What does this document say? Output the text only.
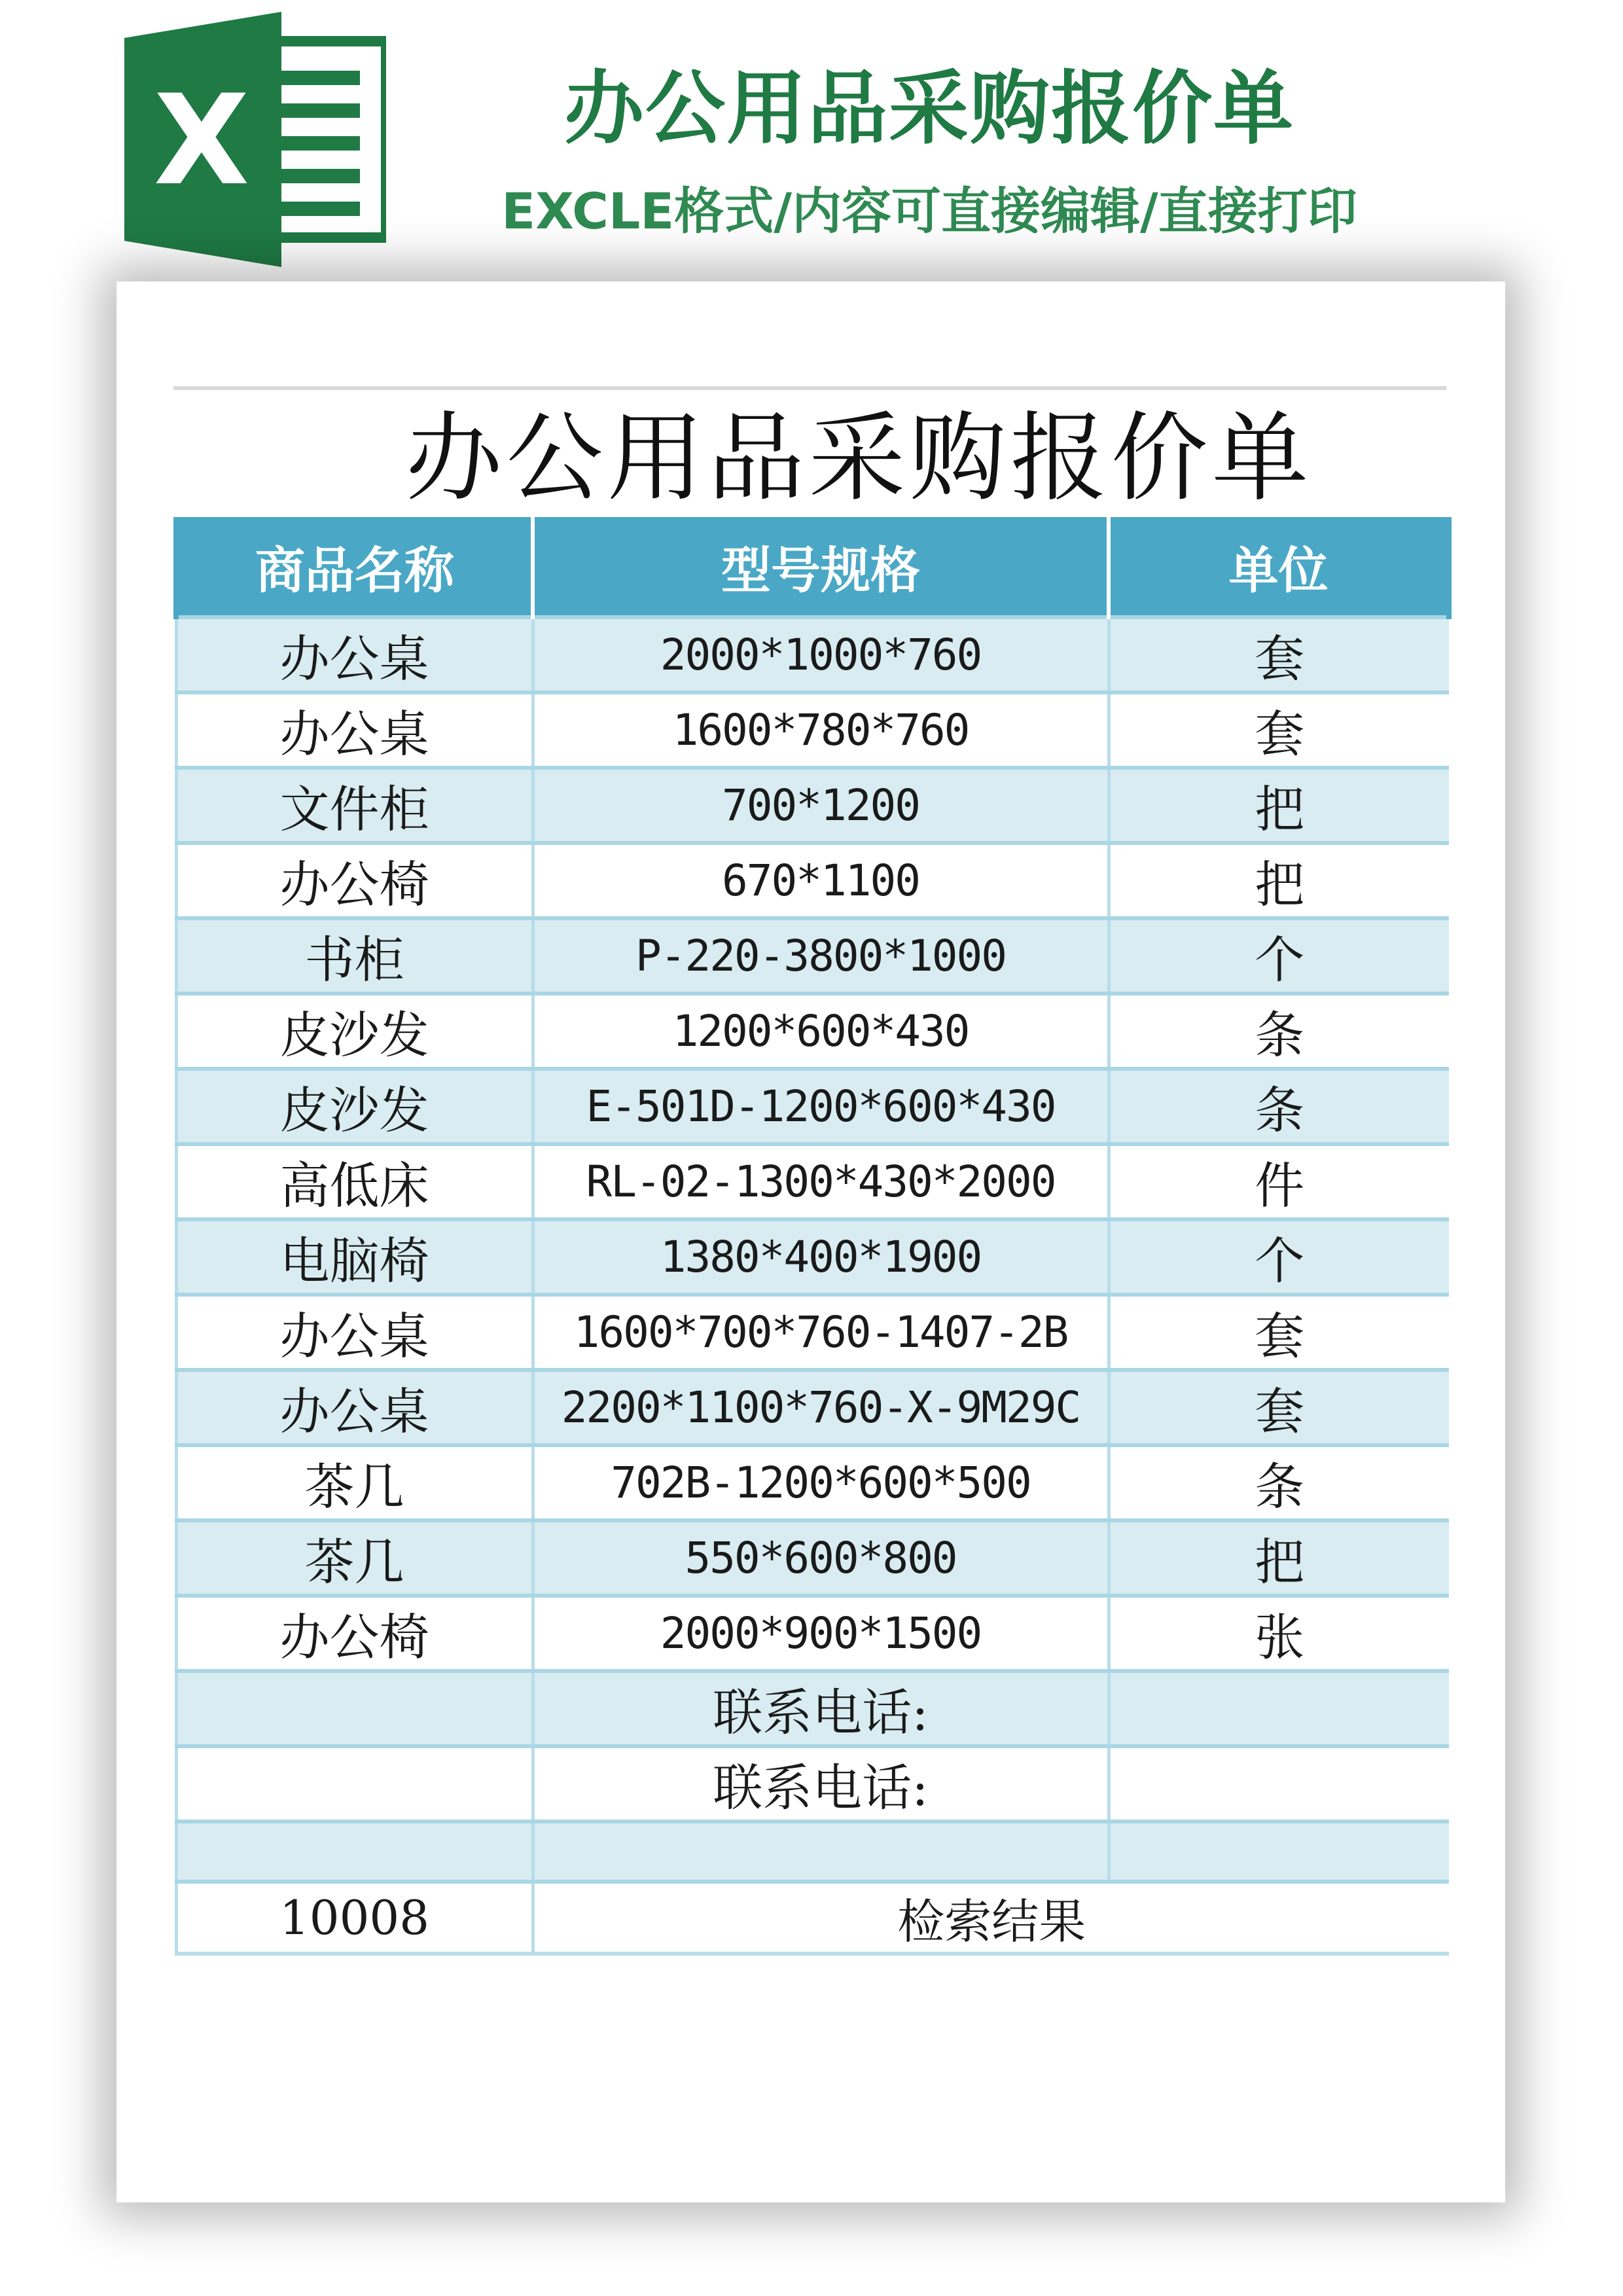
X	办公用品采购报价单
EXCLE格式/内容可直接编辑/直接打印
办公用品采购报价单
商品名称	型号规格	单位
办公桌	2000*1000*760	套
办公桌	1600*780*760	套
文件柜	700*1200	把
办公椅	670*1100	把
书柜	P-220-3800*1000	个
皮沙发	1200*600*430	条
皮沙发	E-501D-1200*600*430	条
高低床	RL-02-1300*430*2000	件
电脑椅	1380*400*1900	个
办公桌	1600*700*760-1407-2B	套
办公桌	2200*1100*760-X-9M29C	套
茶几	702B-1200*600*500	条
茶几	550*600*800	把
办公椅	2000*900*1500	张
	联系电话:	
	联系电话:	

10008	检索结果	
